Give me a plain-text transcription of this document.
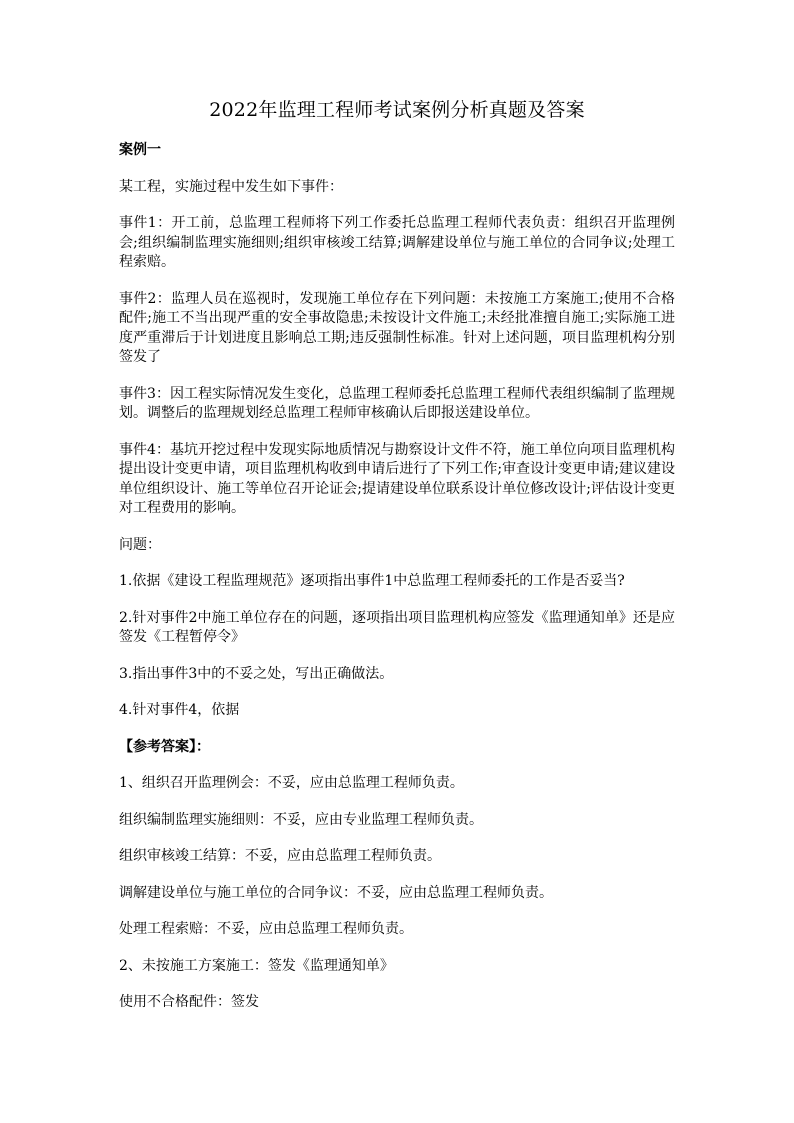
2022年监理工程师考试案例分析真题及答案
案例一
某工程，实施过程中发生如下事件：
事件1：开工前，总监理工程师将下列工作委托总监理工程师代表负责：组织召开监理例会;组织编制监理实施细则;组织审核竣工结算;调解建设单位与施工单位的合同争议;处理工程索赔。
事件2：监理人员在巡视时，发现施工单位存在下列问题：未按施工方案施工;使用不合格配件;施工不当出现严重的安全事故隐患;未按设计文件施工;未经批准擅自施工;实际施工进度严重滞后于计划进度且影响总工期;违反强制性标准。针对上述问题，项目监理机构分别签发了
事件3：因工程实际情况发生变化，总监理工程师委托总监理工程师代表组织编制了监理规划。调整后的监理规划经总监理工程师审核确认后即报送建设单位。
事件4：基坑开挖过程中发现实际地质情况与勘察设计文件不符，施工单位向项目监理机构提出设计变更申请，项目监理机构收到申请后进行了下列工作;审查设计变更申请;建议建设单位组织设计、施工等单位召开论证会;提请建设单位联系设计单位修改设计;评估设计变更对工程费用的影响。
问题：
1.依据《建设工程监理规范》逐项指出事件1中总监理工程师委托的工作是否妥当?
2.针对事件2中施工单位存在的问题，逐项指出项目监理机构应签发《监理通知单》还是应签发《工程暂停令》
3.指出事件3中的不妥之处，写出正确做法。
4.针对事件4，依据
【参考答案】：
1、组织召开监理例会：不妥，应由总监理工程师负责。
组织编制监理实施细则：不妥，应由专业监理工程师负责。
组织审核竣工结算：不妥，应由总监理工程师负责。
调解建设单位与施工单位的合同争议：不妥，应由总监理工程师负责。
处理工程索赔：不妥，应由总监理工程师负责。
2、未按施工方案施工：签发《监理通知单》
使用不合格配件：签发
